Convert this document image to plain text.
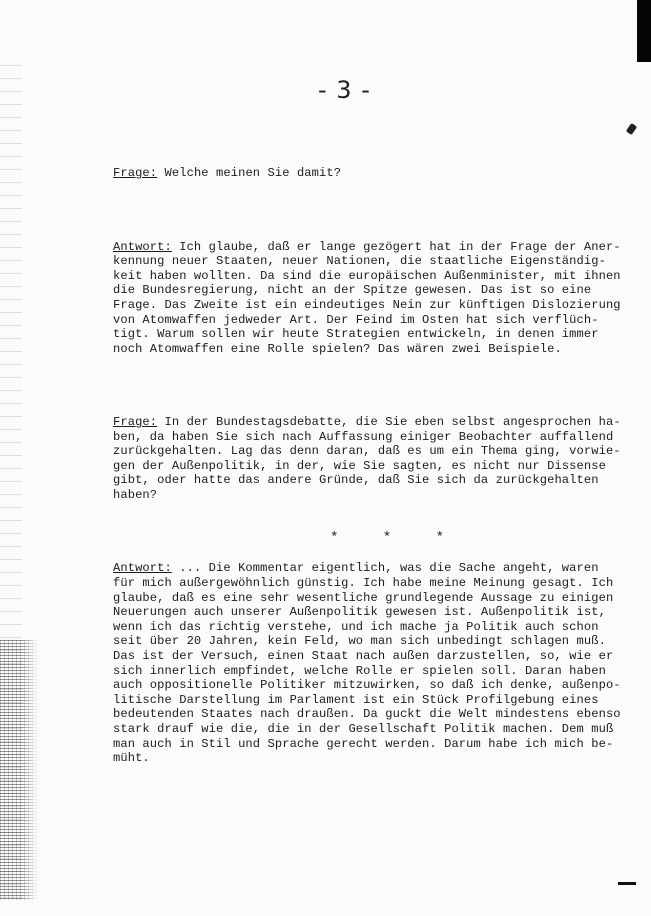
- 3 -

Frage: Welche meinen Sie damit?

Antwort: Ich glaube, daß er lange gezögert hat in der Frage der Aner-
kennung neuer Staaten, neuer Nationen, die staatliche Eigenständig-
keit haben wollten. Da sind die europäischen Außenminister, mit ihnen
die Bundesregierung, nicht an der Spitze gewesen. Das ist so eine
Frage. Das Zweite ist ein eindeutiges Nein zur künftigen Dislozierung
von Atomwaffen jedweder Art. Der Feind im Osten hat sich verflüch-
tigt. Warum sollen wir heute Strategien entwickeln, in denen immer
noch Atomwaffen eine Rolle spielen? Das wären zwei Beispiele.

Frage: In der Bundestagsdebatte, die Sie eben selbst angesprochen ha-
ben, da haben Sie sich nach Auffassung einiger Beobachter auffallend
zurückgehalten. Lag das denn daran, daß es um ein Thema ging, vorwie-
gen der Außenpolitik, in der, wie Sie sagten, es nicht nur Dissense
gibt, oder hatte das andere Gründe, daß Sie sich da zurückgehalten
haben?

Antwort: ... Die Kommentar eigentlich, was die Sache angeht, waren
für mich außergewöhnlich günstig. Ich habe meine Meinung gesagt. Ich
glaube, daß es eine sehr wesentliche grundlegende Aussage zu einigen
Neuerungen auch unserer Außenpolitik gewesen ist. Außenpolitik ist,
wenn ich das richtig verstehe, und ich mache ja Politik auch schon
seit über 20 Jahren, kein Feld, wo man sich unbedingt schlagen muß.
Das ist der Versuch, einen Staat nach außen darzustellen, so, wie er
sich innerlich empfindet, welche Rolle er spielen soll. Daran haben
auch oppositionelle Politiker mitzuwirken, so daß ich denke, außenpo-
litische Darstellung im Parlament ist ein Stück Profilgebung eines
bedeutenden Staates nach draußen. Da guckt die Welt mindestens ebenso
stark drauf wie die, die in der Gesellschaft Politik machen. Dem muß
man auch in Stil und Sprache gerecht werden. Darum habe ich mich be-
müht.

* * *
